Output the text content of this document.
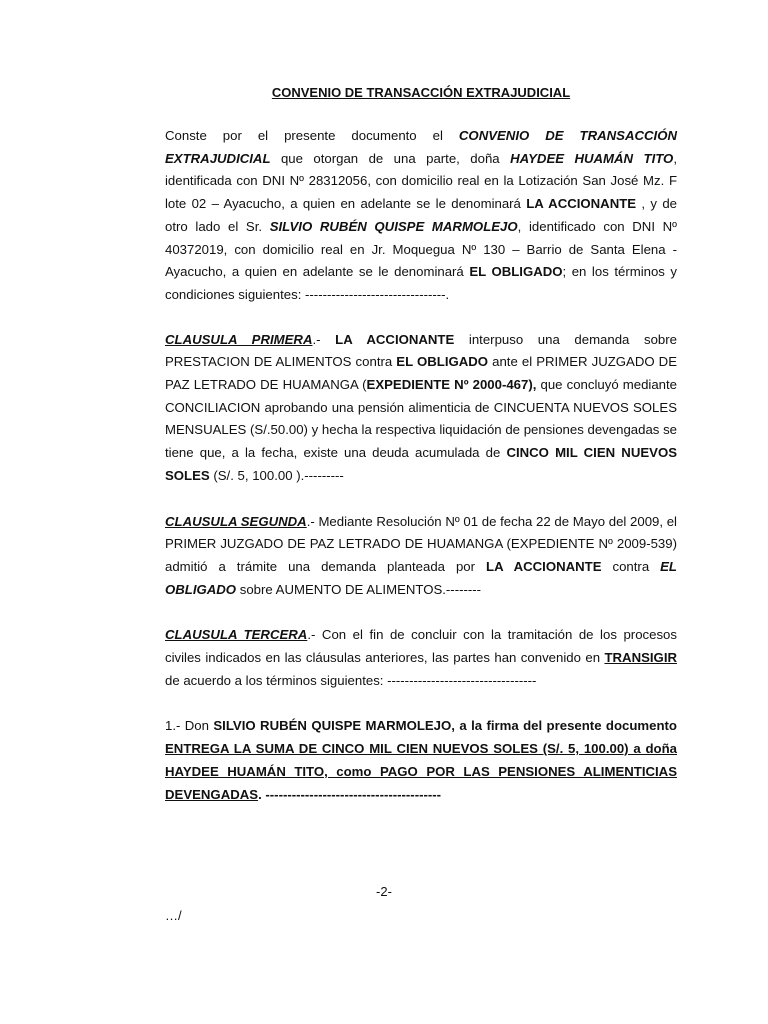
CONVENIO DE TRANSACCIÓN EXTRAJUDICIAL

Conste por el presente documento el CONVENIO DE TRANSACCIÓN EXTRAJUDICIAL que otorgan de una parte, doña HAYDEE HUAMÁN TITO, identificada con DNI Nº 28312056, con domicilio real en la Lotización San José Mz. F lote 02 – Ayacucho, a quien en adelante se le denominará LA ACCIONANTE , y de otro lado el Sr. SILVIO RUBÉN QUISPE MARMOLEJO, identificado con DNI Nº 40372019, con domicilio real en Jr. Moquegua Nº 130 – Barrio de Santa Elena - Ayacucho, a quien en adelante se le denominará EL OBLIGADO; en los términos y condiciones siguientes: --------------------------------.

CLAUSULA PRIMERA.- LA ACCIONANTE interpuso una demanda sobre PRESTACION DE ALIMENTOS contra EL OBLIGADO ante el PRIMER JUZGADO DE PAZ LETRADO DE HUAMANGA (EXPEDIENTE Nº 2000-467), que concluyó mediante CONCILIACION aprobando una pensión alimenticia de CINCUENTA NUEVOS SOLES MENSUALES (S/.50.00) y hecha la respectiva liquidación de pensiones devengadas se tiene que, a la fecha, existe una deuda acumulada de CINCO MIL CIEN NUEVOS SOLES (S/. 5, 100.00 ).---------

CLAUSULA SEGUNDA.- Mediante Resolución Nº 01 de fecha 22 de Mayo del 2009, el PRIMER JUZGADO DE PAZ LETRADO DE HUAMANGA (EXPEDIENTE Nº 2009-539) admitió a trámite una demanda planteada por LA ACCIONANTE contra EL OBLIGADO sobre AUMENTO DE ALIMENTOS.--------

CLAUSULA TERCERA.- Con el fin de concluir con la tramitación de los procesos civiles indicados en las cláusulas anteriores, las partes han convenido en TRANSIGIR de acuerdo a los términos siguientes: ----------------------------------

1.- Don SILVIO RUBÉN QUISPE MARMOLEJO, a la firma del presente documento ENTREGA LA SUMA DE CINCO MIL CIEN NUEVOS SOLES (S/. 5, 100.00) a doña HAYDEE HUAMÁN TITO, como PAGO POR LAS PENSIONES ALIMENTICIAS DEVENGADAS. ----------------------------------------

-2-
…/
